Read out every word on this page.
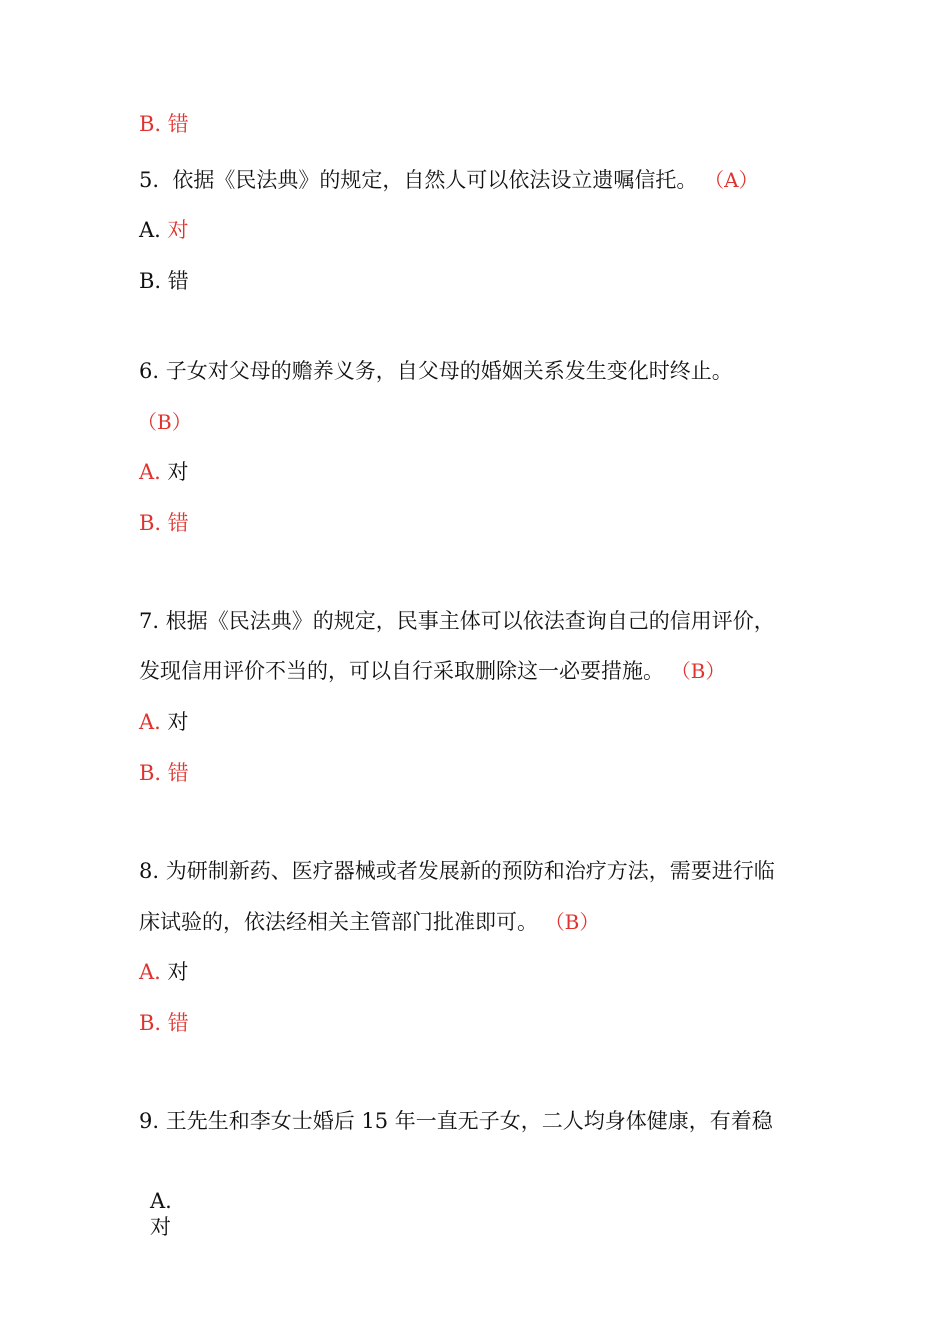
B. 错
5. 依据《民法典》的规定，自然人可以依法设立遗嘱信托。 （A）
A. 对
B. 错
6. 子女对父母的赡养义务，自父母的婚姻关系发生变化时终止。
（B）
A. 对
B. 错
7. 根据《民法典》的规定，民事主体可以依法查询自己的信用评价，
发现信用评价不当的，可以自行采取删除这一必要措施。 （B）
A. 对
B. 错
8. 为研制新药、医疗器械或者发展新的预防和治疗方法，需要进行临
床试验的，依法经相关主管部门批准即可。 （B）
A. 对
B. 错
9. 王先生和李女士婚后 15 年一直无子女，二人均身体健康，有着稳
A.
对
